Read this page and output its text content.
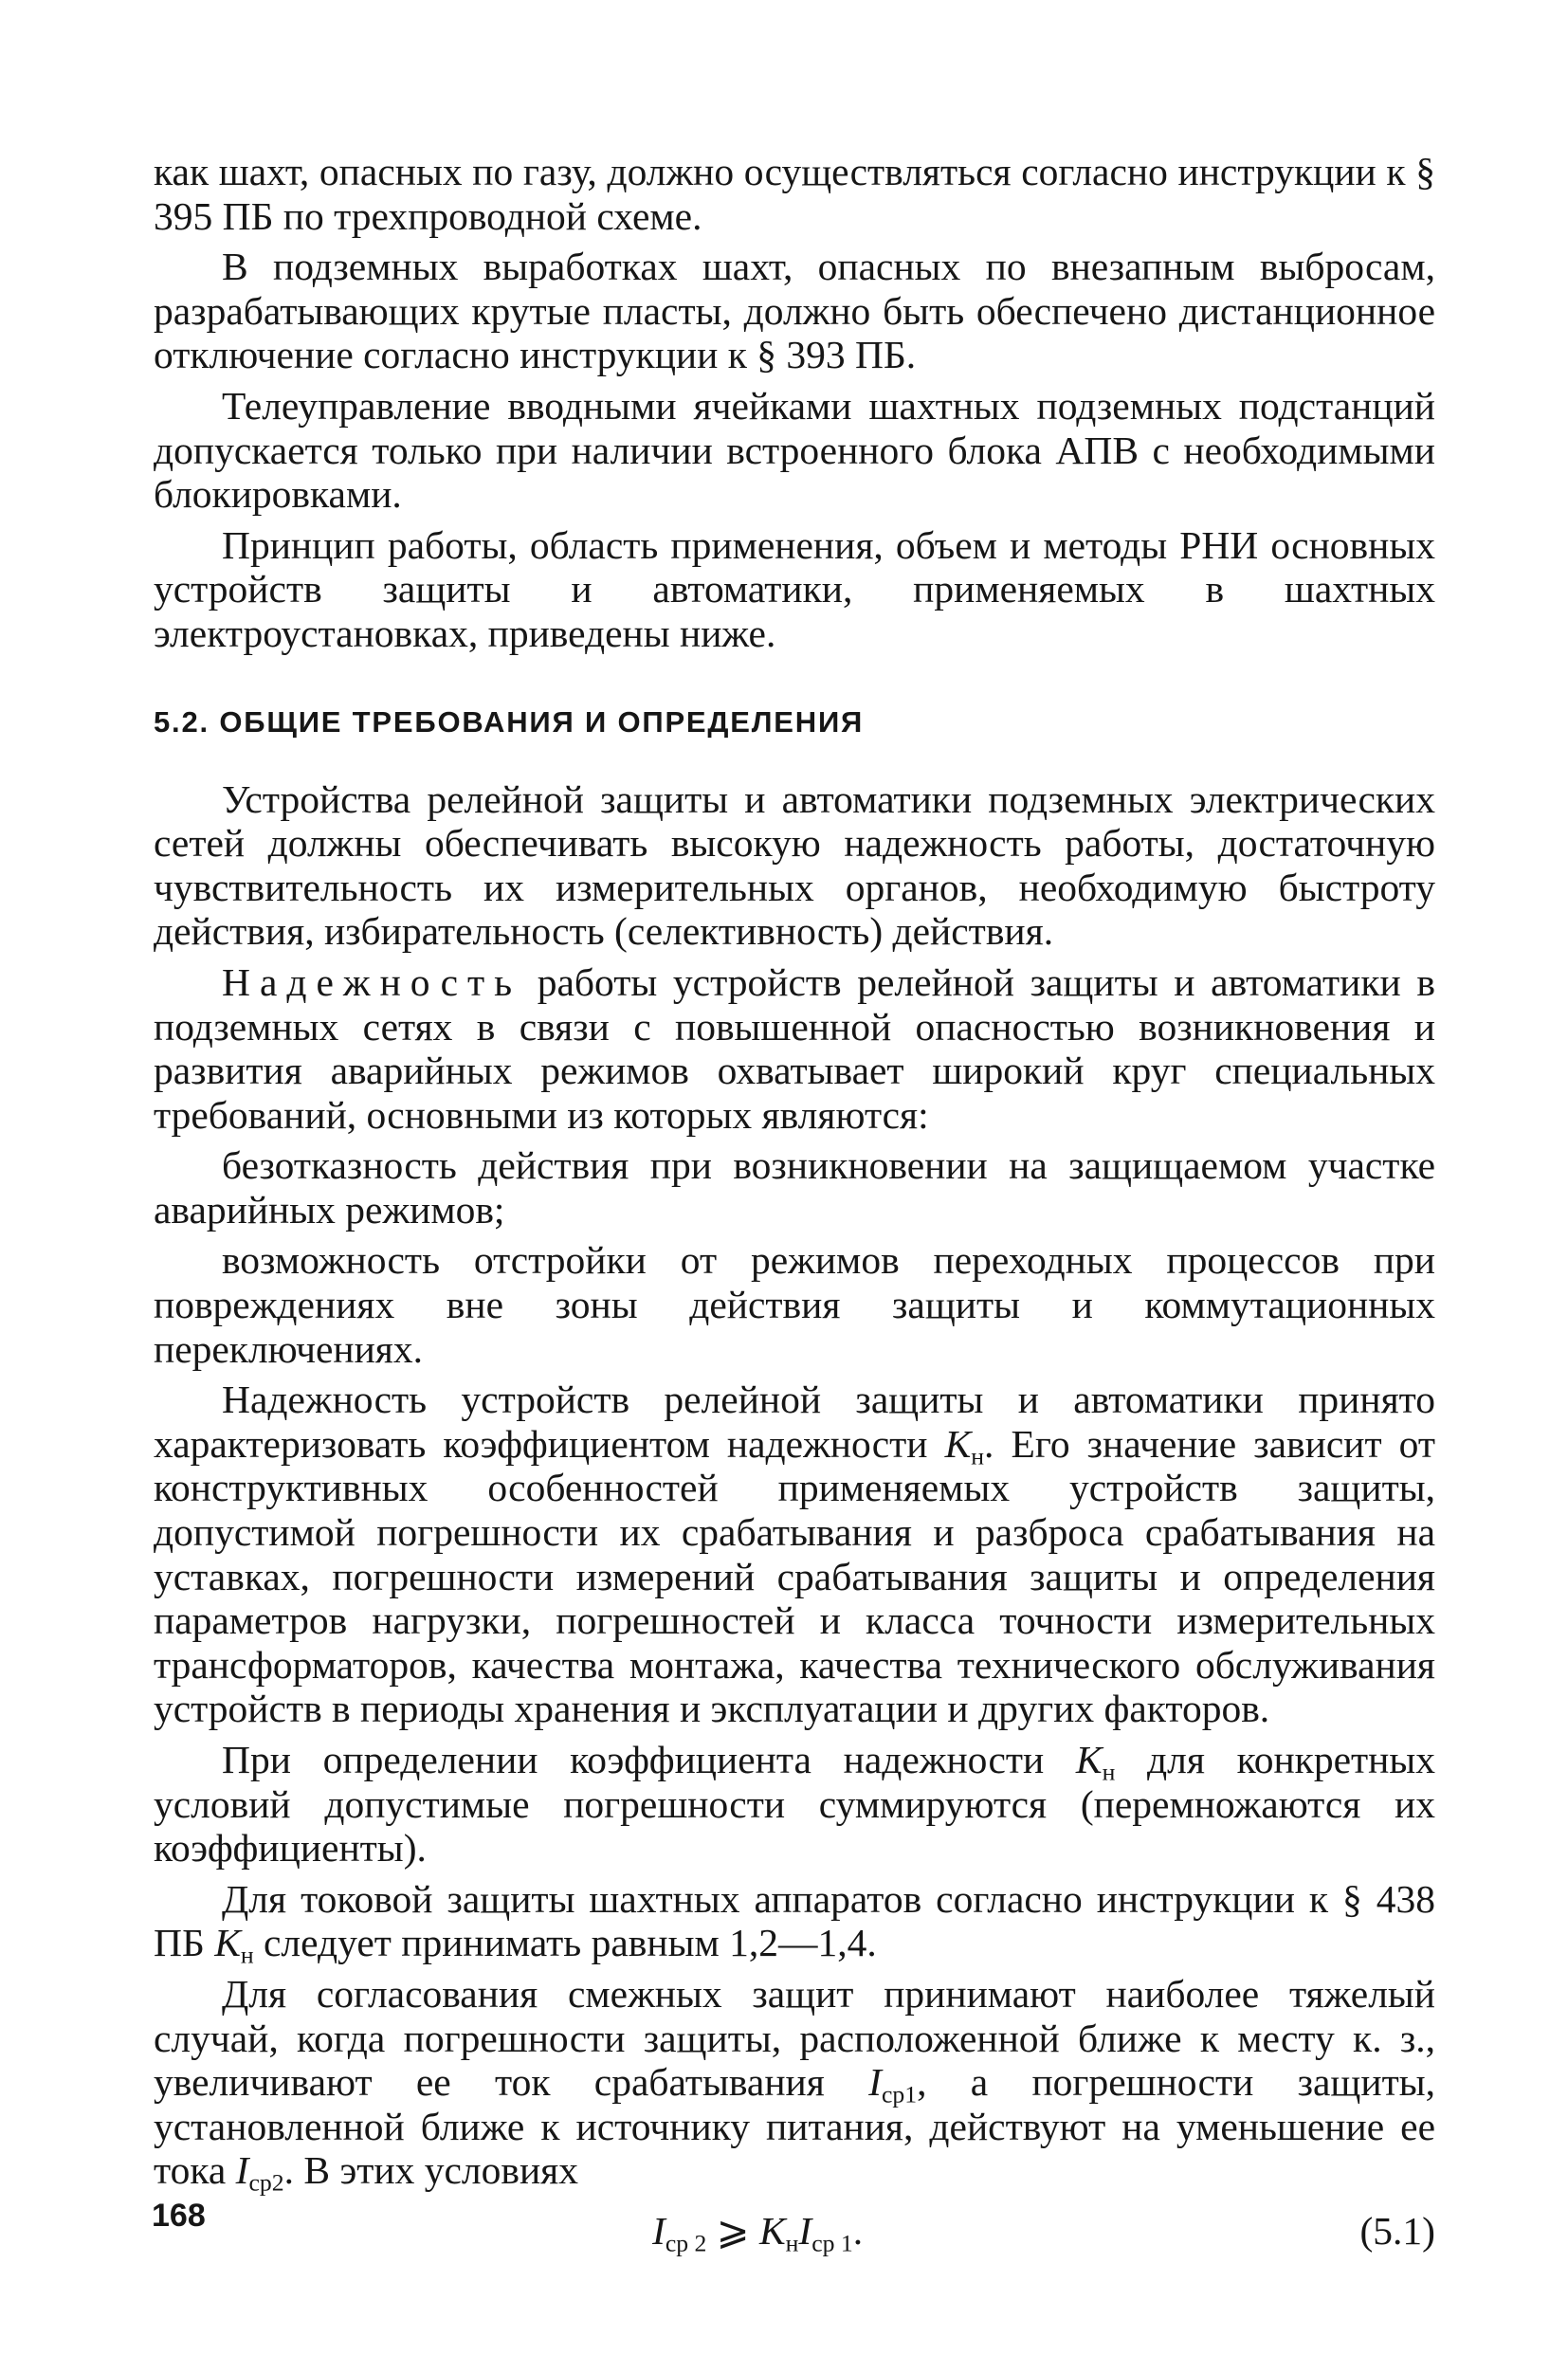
как шахт, опасных по газу, должно осуществляться согласно инструкции к § 395 ПБ по трехпроводной схеме.

В подземных выработках шахт, опасных по внезапным выбросам, разрабатывающих крутые пласты, должно быть обеспечено дистанционное отключение согласно инструкции к § 393 ПБ.

Телеуправление вводными ячейками шахтных подземных подстанций допускается только при наличии встроенного блока АПВ с необходимыми блокировками.

Принцип работы, область применения, объем и методы РНИ основных устройств защиты и автоматики, применяемых в шахтных электроустановках, приведены ниже.

5.2. ОБЩИЕ ТРЕБОВАНИЯ И ОПРЕДЕЛЕНИЯ

Устройства релейной защиты и автоматики подземных электрических сетей должны обеспечивать высокую надежность работы, достаточную чувствительность их измерительных органов, необходимую быстроту действия, избирательность (селективность) действия.

Надежность работы устройств релейной защиты и автоматики в подземных сетях в связи с повышенной опасностью возникновения и развития аварийных режимов охватывает широкий круг специальных требований, основными из которых являются:

безотказность действия при возникновении на защищаемом участке аварийных режимов;

возможность отстройки от режимов переходных процессов при повреждениях вне зоны действия защиты и коммутационных переключениях.

Надежность устройств релейной защиты и автоматики принято характеризовать коэффициентом надежности $K_н$. Его значение зависит от конструктивных особенностей применяемых устройств защиты, допустимой погрешности их срабатывания и разброса срабатывания на уставках, погрешности измерений срабатывания защиты и определения параметров нагрузки, погрешностей и класса точности измерительных трансформаторов, качества монтажа, качества технического обслуживания устройств в периоды хранения и эксплуатации и других факторов.

При определении коэффициента надежности $K_н$ для конкретных условий допустимые погрешности суммируются (перемножаются их коэффициенты).

Для токовой защиты шахтных аппаратов согласно инструкции к § 438 ПБ $K_н$ следует принимать равным 1,2—1,4.

Для согласования смежных защит принимают наиболее тяжелый случай, когда погрешности защиты, расположенной ближе к месту к. з., увеличивают ее ток срабатывания $I_{ср1}$, а погрешности защиты, установленной ближе к источнику питания, действуют на уменьшение ее тока $I_{ср2}$. В этих условиях

$I_{ср 2}$ ⩾ $K_нI_{ср 1}$.	(5.1)
168
